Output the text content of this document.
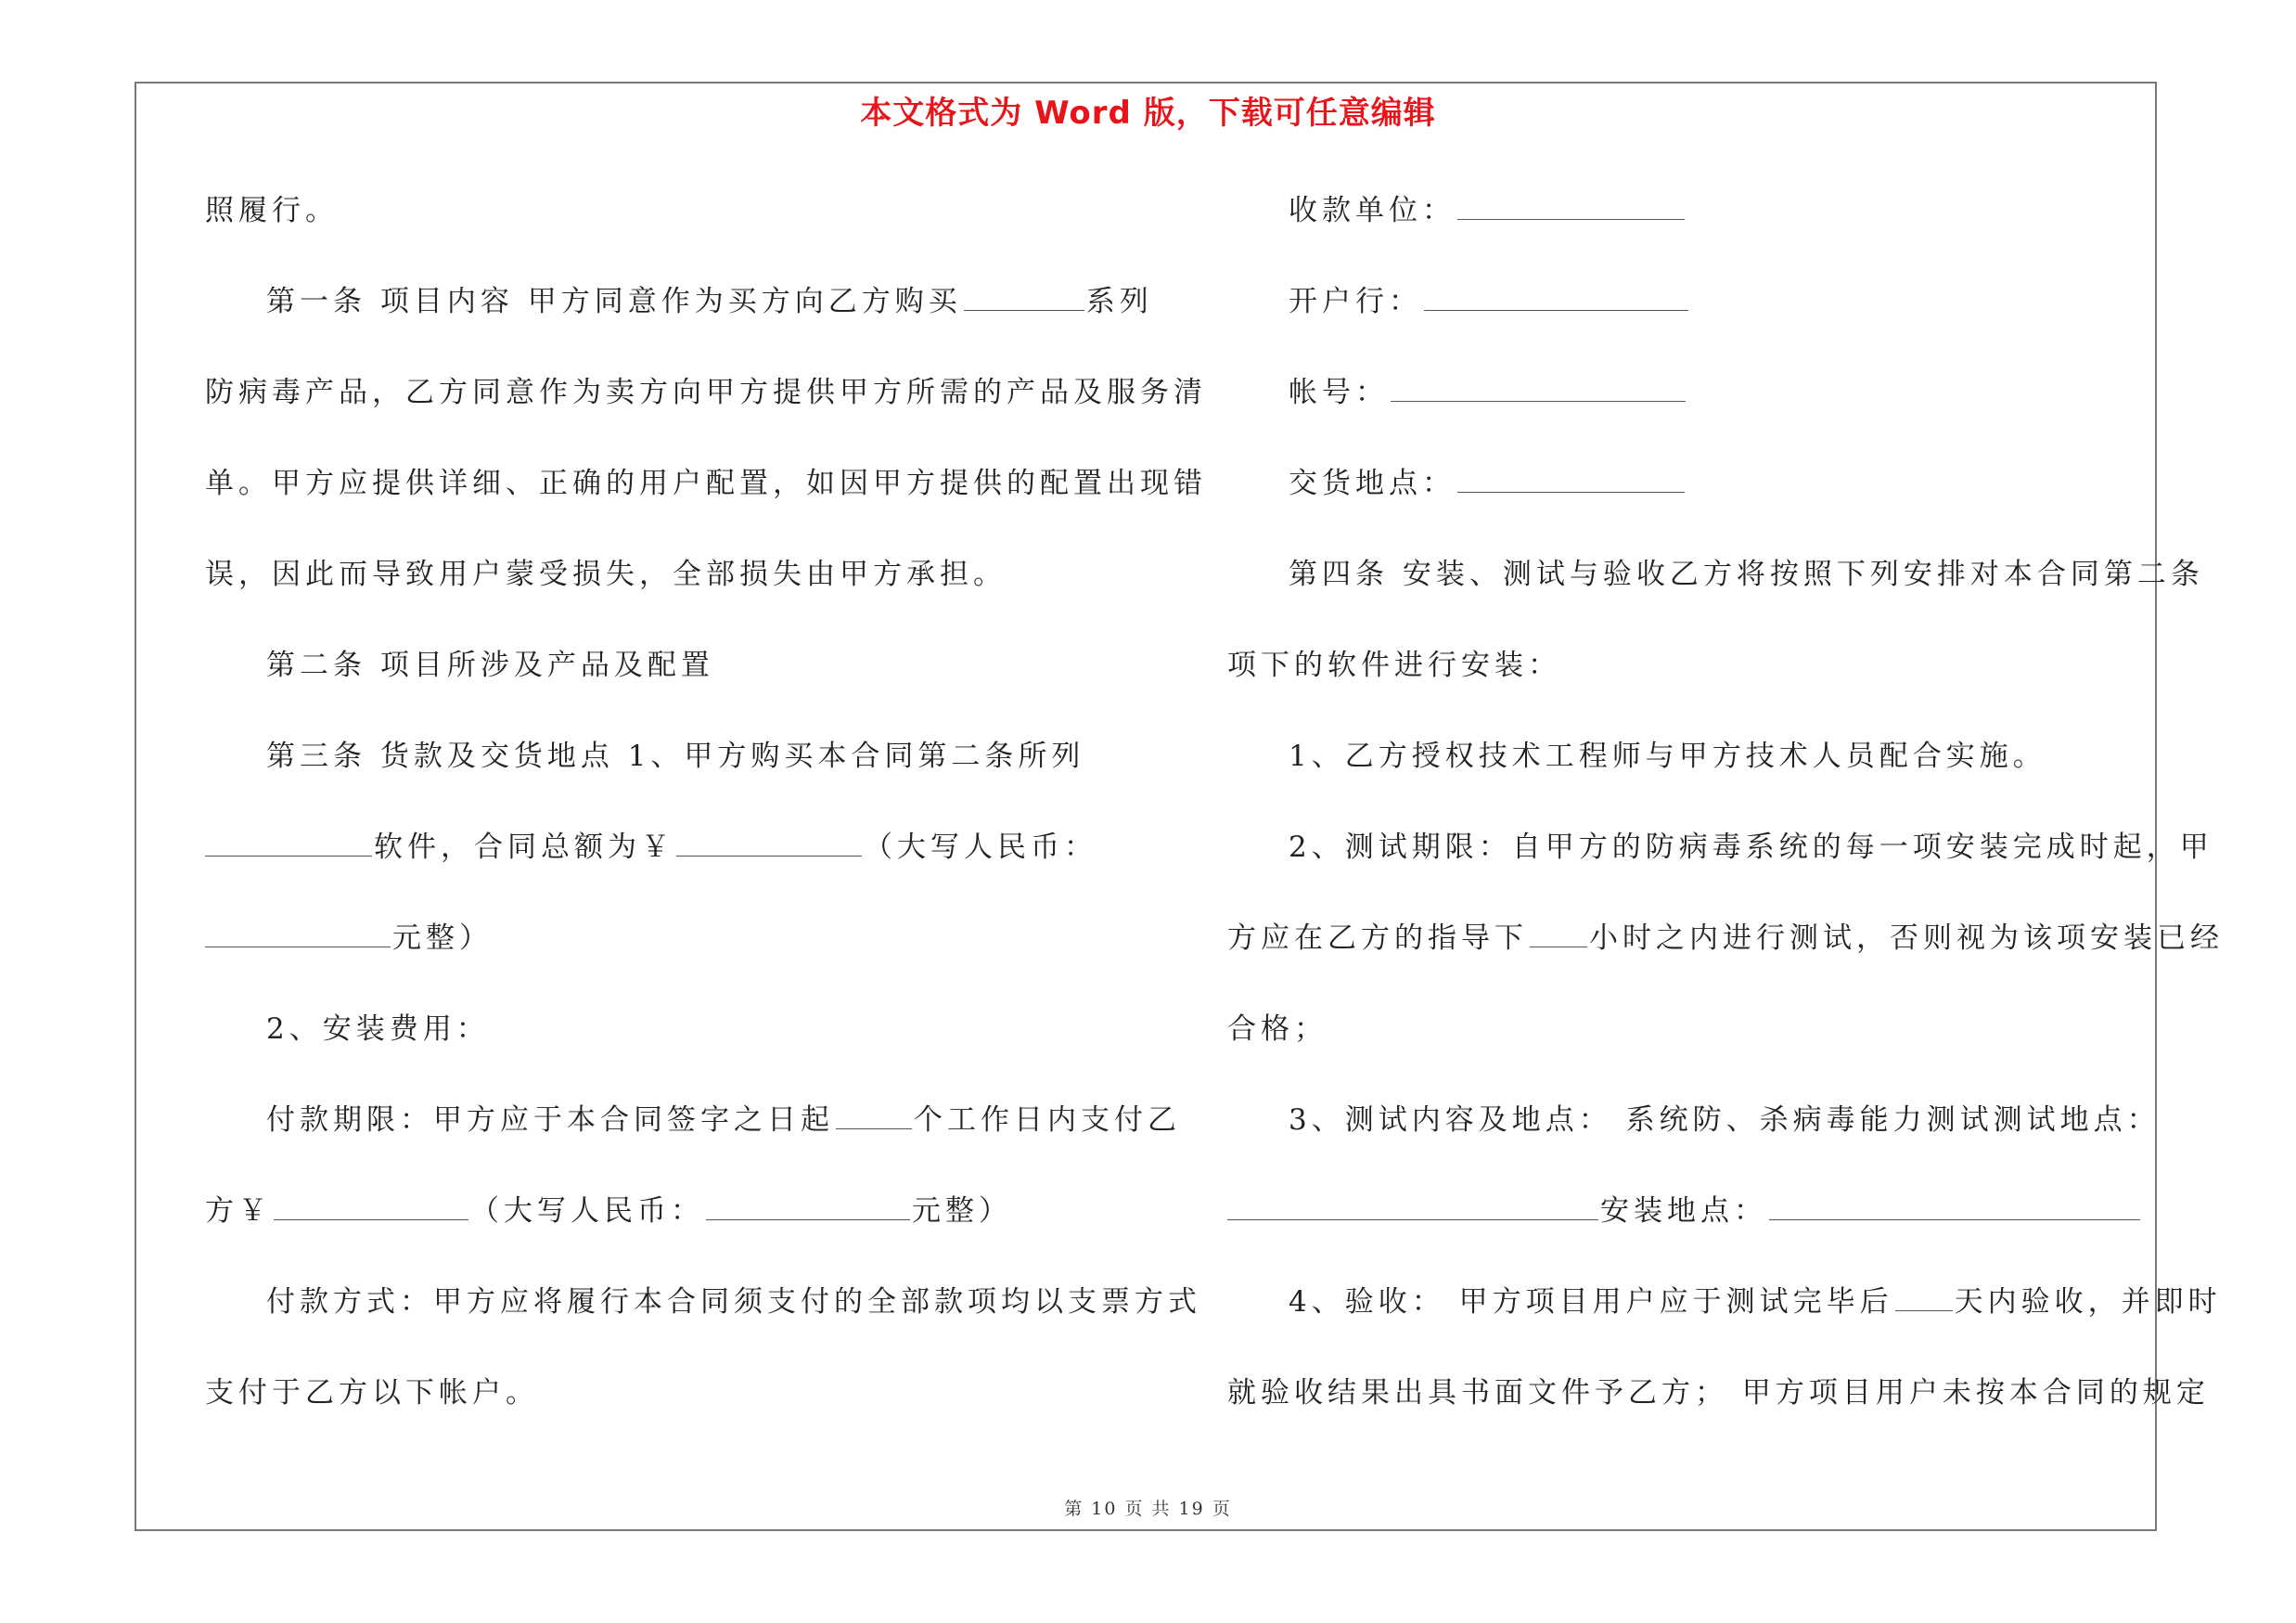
本文格式为 Word 版，下载可任意编辑
照履行。
第一条 项目内容 甲方同意作为买方向乙方购买	系列
防病毒产品，乙方同意作为卖方向甲方提供甲方所需的产品及服务清
单。甲方应提供详细、正确的用户配置，如因甲方提供的配置出现错
误，因此而导致用户蒙受损失，全部损失由甲方承担。
第二条 项目所涉及产品及配置
第三条 货款及交货地点 1、甲方购买本合同第二条所列
软件，合同总额为￥	（大写人民币：
元整）
2、安装费用：
付款期限：甲方应于本合同签字之日起	个工作日内支付乙
方￥	（大写人民币：	元整）
付款方式：甲方应将履行本合同须支付的全部款项均以支票方式
支付于乙方以下帐户。
收款单位：
开户行：
帐号：
交货地点：
第四条 安装、测试与验收乙方将按照下列安排对本合同第二条
项下的软件进行安装：
1、乙方授权技术工程师与甲方技术人员配合实施。
2、测试期限：自甲方的防病毒系统的每一项安装完成时起，甲
方应在乙方的指导下 小时之内进行测试，否则视为该项安装已经
合格；
3、测试内容及地点： 系统防、杀病毒能力测试测试地点：
安装地点：
4、验收： 甲方项目用户应于测试完毕后 天内验收，并即时
就验收结果出具书面文件予乙方； 甲方项目用户未按本合同的规定
第 10 页 共 19 页
